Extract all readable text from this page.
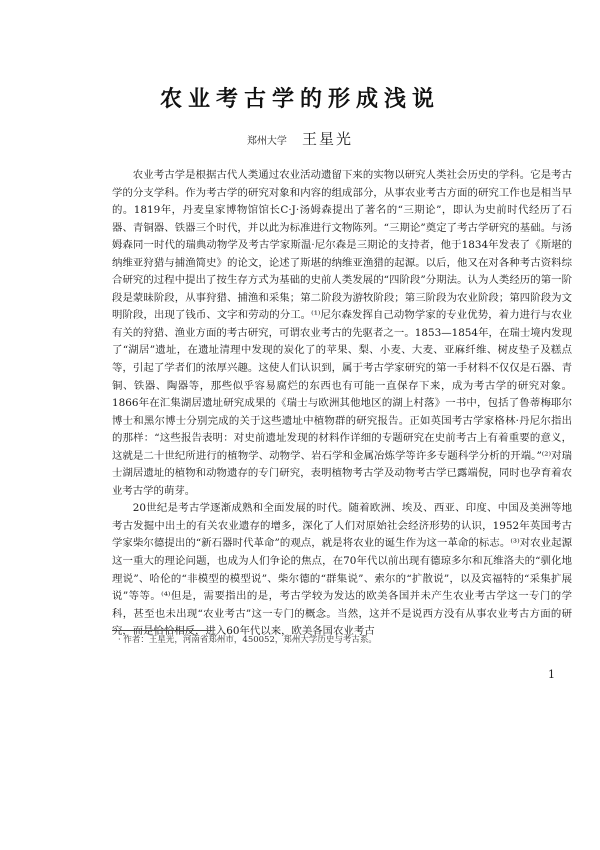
农业考古学的形成浅说
郑州大学 王星光

农业考古学是根据古代人类通过农业活动遗留下来的实物以研究人类社会历史的学科。它是考古学的分支学科。作为考古学的研究对象和内容的组成部分，从事农业考古方面的研究工作也是相当早的。1819年，丹麦皇家博物馆馆长C·J·汤姆森提出了著名的“三期论”，即认为史前时代经历了石器、青铜器、铁器三个时代，并以此为标准进行文物陈列。“三期论”奠定了考古学研究的基础。与汤姆森同一时代的瑞典动物学及考古学家斯温·尼尔森是三期论的支持者，他于1834年发表了《斯堪的纳维亚狩猎与捕渔简史》的论文，论述了斯堪的纳维亚渔猎的起源。以后，他又在对各种考古资料综合研究的过程中提出了按生存方式为基础的史前人类发展的“四阶段”分期法。认为人类经历的第一阶段是蒙昧阶段，从事狩猎、捕渔和采集；第二阶段为游牧阶段；第三阶段为农业阶段；第四阶段为文明阶段，出现了钱币、文字和劳动的分工。⁽¹⁾尼尔森发挥自己动物学家的专业优势，着力进行与农业有关的狩猎、渔业方面的考古研究，可谓农业考古的先驱者之一。1853—1854年，在瑞士境内发现了“湖居”遗址，在遗址清理中发现的炭化了的苹果、梨、小麦、大麦、亚麻纤维、树皮垫子及糕点等，引起了学者们的浓厚兴趣。这使人们认识到，属于考古学家研究的第一手材料不仅仅是石器、青铜、铁器、陶器等，那些似乎容易腐烂的东西也有可能一直保存下来，成为考古学的研究对象。1866年在汇集湖居遗址研究成果的《瑞士与欧洲其他地区的湖上村落》一书中，包括了鲁蒂梅耶尔博士和黑尔博士分别完成的关于这些遗址中植物群的研究报告。正如英国考古学家格林·丹尼尔指出的那样：“这些报告表明：对史前遗址发现的材料作详细的专题研究在史前考古上有着重要的意义，这就是二十世纪所进行的植物学、动物学、岩石学和金属冶炼学等许多专题科学分析的开端。”⁽²⁾对瑞士湖居遗址的植物和动物遗存的专门研究，表明植物考古学及动物考古学已露端倪，同时也孕育着农业考古学的萌芽。

20世纪是考古学逐渐成熟和全面发展的时代。随着欧洲、埃及、西亚、印度、中国及美洲等地考古发掘中出土的有关农业遗存的增多，深化了人们对原始社会经济形势的认识，1952年英国考古学家柴尔德提出的“新石器时代革命”的观点，就是将农业的诞生作为这一革命的标志。⁽³⁾对农业起源这一重大的理论问题，也成为人们争论的焦点，在70年代以前出现有德琼多尔和瓦维洛夫的“驯化地理说”、哈伦的“非模型的模型说”、柴尔德的“群集说”、索尔的“扩散说”，以及宾福特的“采集扩展说”等等。⁽⁴⁾但是，需要指出的是，考古学较为发达的欧美各国并未产生农业考古学这一专门的学科，甚至也未出现“农业考古”这一专门的概念。当然，这并不是说西方没有从事农业考古方面的研究，而是恰恰相反，进入60年代以来，欧美各国农业考古

· 作者：王星光，河南省郑州市，450052，郑州大学历史与考古系。
1
